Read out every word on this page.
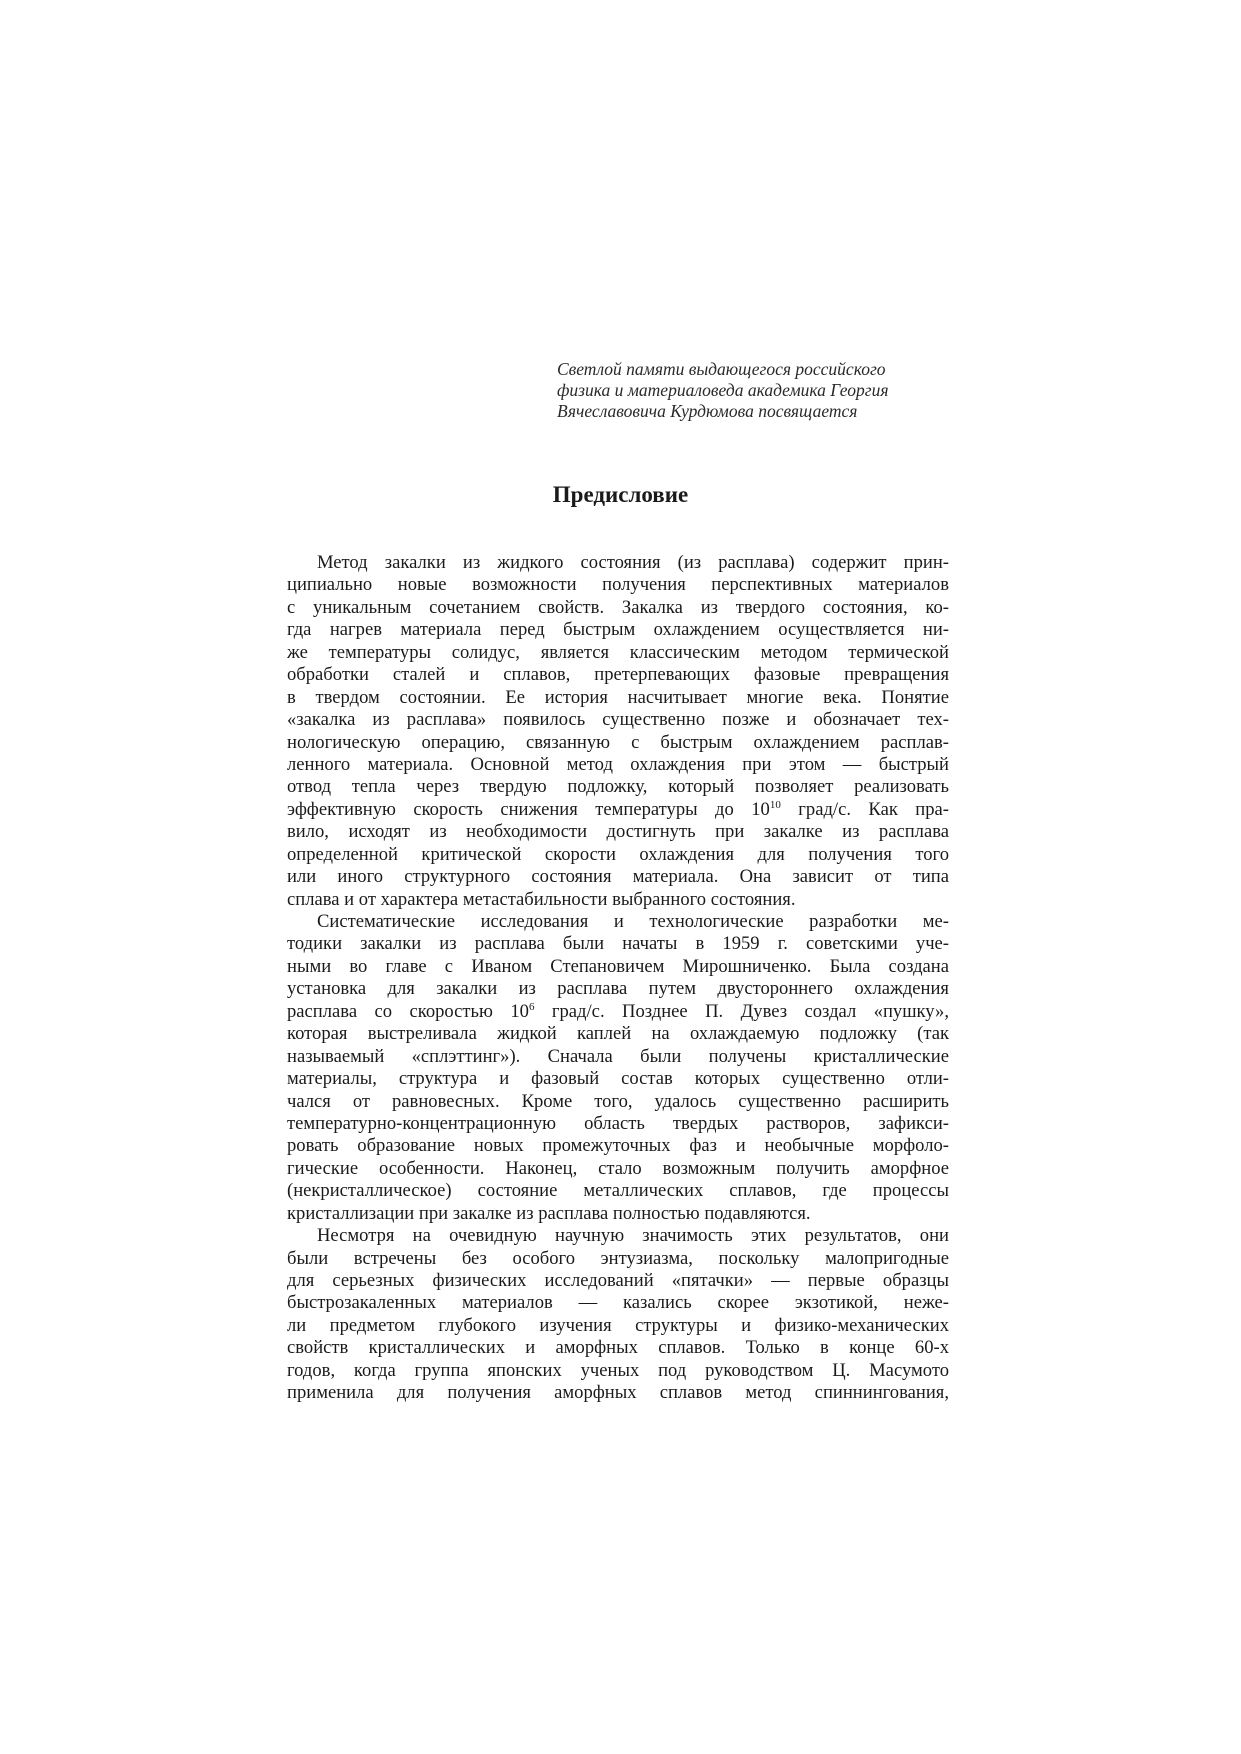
Светлой памяти выдающегося российского
физика и материаловеда академика Георгия
Вячеславовича Курдюмова посвящается
Предисловие
Метод закалки из жидкого состояния (из расплава) содержит прин-
ципиально новые возможности получения перспективных материалов
с уникальным сочетанием свойств. Закалка из твердого состояния, ко-
гда нагрев материала перед быстрым охлаждением осуществляется ни-
же температуры солидус, является классическим методом термической
обработки сталей и сплавов, претерпевающих фазовые превращения
в твердом состоянии. Ее история насчитывает многие века. Понятие
«закалка из расплава» появилось существенно позже и обозначает тех-
нологическую операцию, связанную с быстрым охлаждением расплав-
ленного материала. Основной метод охлаждения при этом — быстрый
отвод тепла через твердую подложку, который позволяет реализовать
эффективную скорость снижения температуры до $10^{10}$ град/с. Как пра-
вило, исходят из необходимости достигнуть при закалке из расплава
определенной критической скорости охлаждения для получения того
или иного структурного состояния материала. Она зависит от типа
сплава и от характера метастабильности выбранного состояния.
Систематические исследования и технологические разработки ме-
тодики закалки из расплава были начаты в 1959 г. советскими уче-
ными во главе с Иваном Степановичем Мирошниченко. Была создана
установка для закалки из расплава путем двустороннего охлаждения
расплава со скоростью $10^6$ град/с. Позднее П. Дувез создал «пушку»,
которая выстреливала жидкой каплей на охлаждаемую подложку (так
называемый «сплэттинг»). Сначала были получены кристаллические
материалы, структура и фазовый состав которых существенно отли-
чался от равновесных. Кроме того, удалось существенно расширить
температурно-концентрационную область твердых растворов, зафикси-
ровать образование новых промежуточных фаз и необычные морфоло-
гические особенности. Наконец, стало возможным получить аморфное
(некристаллическое) состояние металлических сплавов, где процессы
кристаллизации при закалке из расплава полностью подавляются.
Несмотря на очевидную научную значимость этих результатов, они
были встречены без особого энтузиазма, поскольку малопригодные
для серьезных физических исследований «пятачки» — первые образцы
быстрозакаленных материалов — казались скорее экзотикой, неже-
ли предметом глубокого изучения структуры и физико-механических
свойств кристаллических и аморфных сплавов. Только в конце 60-х
годов, когда группа японских ученых под руководством Ц. Масумото
применила для получения аморфных сплавов метод спиннингования,
